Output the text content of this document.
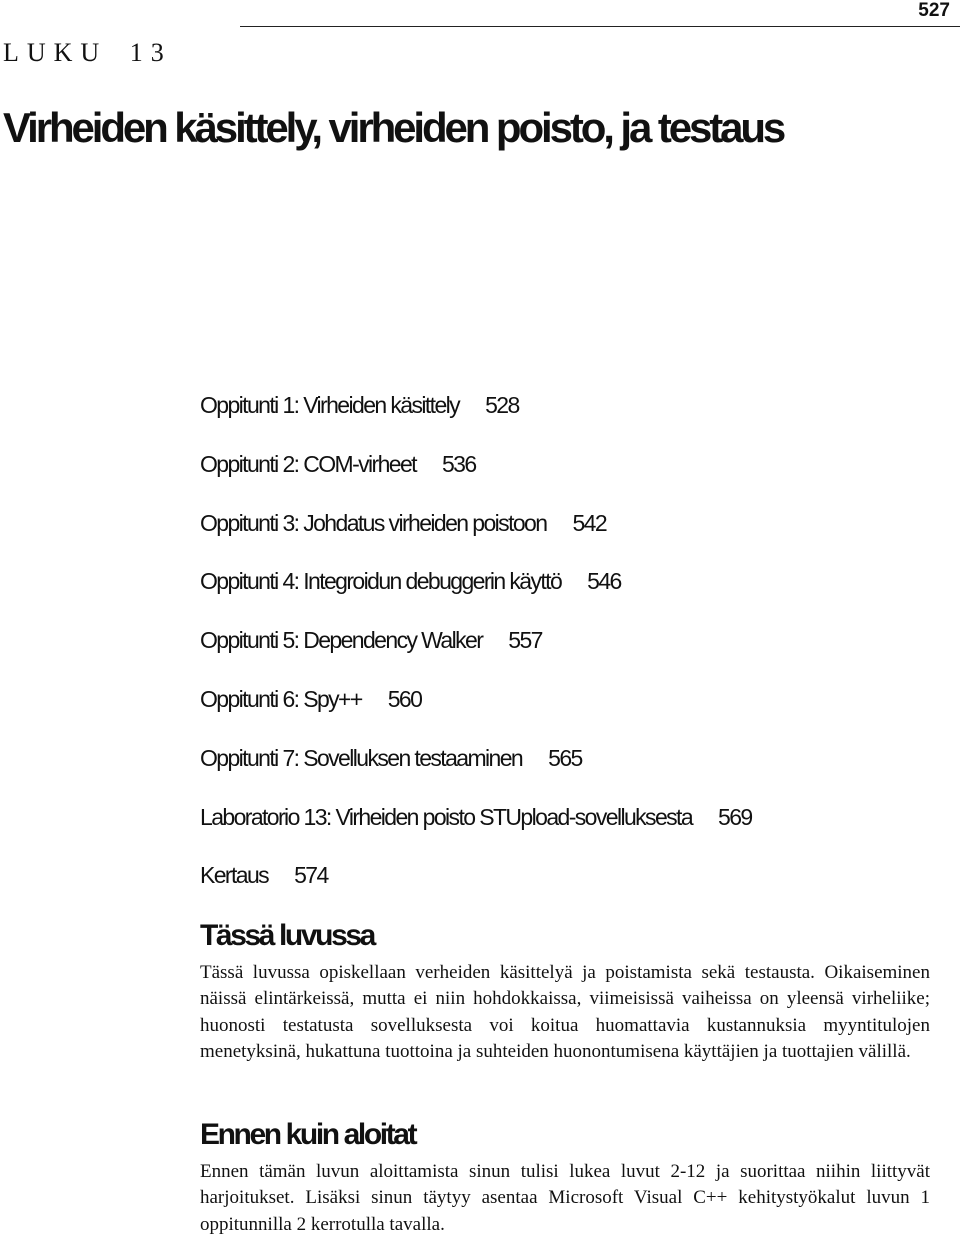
527
LUKU 13
Virheiden käsittely, virheiden poisto, ja testaus
Oppitunti 1: Virheiden käsittely 528
Oppitunti 2: COM-virheet 536
Oppitunti 3: Johdatus virheiden poistoon 542
Oppitunti 4: Integroidun debuggerin käyttö 546
Oppitunti 5: Dependency Walker 557
Oppitunti 6: Spy++ 560
Oppitunti 7: Sovelluksen testaaminen 565
Laboratorio 13: Virheiden poisto STUpload-sovelluksesta 569
Kertaus 574
Tässä luvussa

Tässä luvussa opiskellaan verheiden käsittelyä ja poistamista sekä testausta. Oikaiseminen näissä elintärkeissä, mutta ei niin hohdokkaissa, viimeisissä vaiheissa on yleensä virheliike; huonosti testatusta sovelluksesta voi koitua huomattavia kustannuksia myyntitulojen menetyksinä, hukattuna tuottoina ja suhteiden huonontumisena käyttäjien ja tuottajien välillä.

Ennen kuin aloitat

Ennen tämän luvun aloittamista sinun tulisi lukea luvut 2-12 ja suorittaa niihin liittyvät harjoitukset. Lisäksi sinun täytyy asentaa Microsoft Visual C++ kehitystyökalut luvun 1 oppitunnilla 2 kerrotulla tavalla.
